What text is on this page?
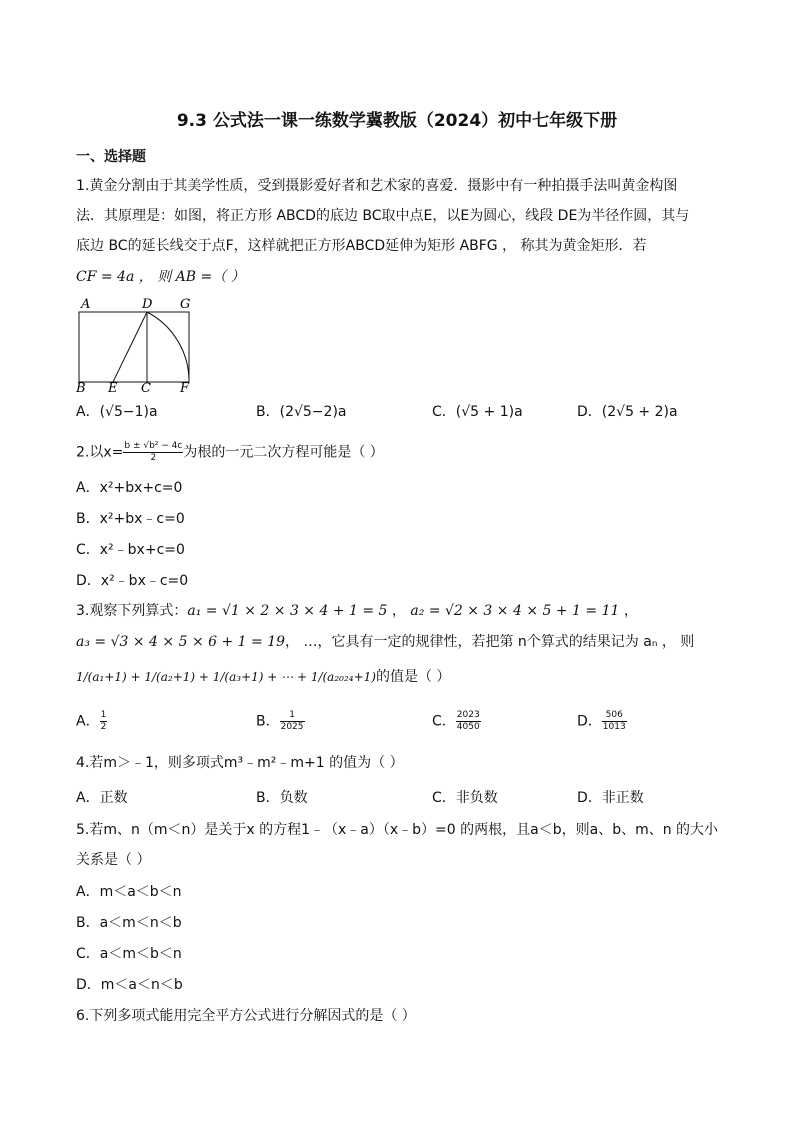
9.3 公式法一课一练数学冀教版（2024）初中七年级下册
一、选择题
1.黄金分割由于其美学性质，受到摄影爱好者和艺术家的喜爱．摄影中有一种拍摄手法叫黄金构图
法．其原理是：如图，将正方形 ABCD的底边 BC取中点E，以E为圆心，线段 DE为半径作圆，其与
底边 BC的延长线交于点F，这样就把正方形ABCD延伸为矩形 ABFG ， 称其为黄金矩形．若
CF = 4a ， 则 AB =（ ）
A	D G
B E C F
A．(√5−1)a	B．(2√5−2)a	C．(√5 + 1)a	D．(2√5 + 2)a
2.以$x= \frac{\text{b ± √b² − 4c}}{2}$ 为根的一元二次方程可能是（ ）
A．x²+bx+c=0
B．x²+bx﹣c=0
C．x²﹣bx+c=0
D．x²﹣bx﹣c=0
3.观察下列算式：a₁ = √1 × 2 × 3 × 4 + 1 = 5 ， a₂ = √2 × 3 × 4 × 5 + 1 = 11 ，
a₃ = √3 × 4 × 5 × 6 + 1 = 19， …，它具有一定的规律性，若把第 n个算式的结果记为 aₙ ， 则
1/(a₁+1) + 1/(a₂+1) + 1/(a₃+1) + ⋯ + 1/(a₂₀₂₄+1)的值是（ ）
A． $\frac{1}{2}$	B． $\frac{1}{2025}$	C． $\frac{2023}{4050}$	D． $\frac{506}{1013}$
4.若m＞﹣1，则多项式m³﹣m²﹣m+1 的值为（ ）
A．正数	B．负数	C．非负数	D．非正数
5.若m、n（m＜n）是关于x 的方程1﹣（x﹣a）（x﹣b）=0 的两根，且a＜b，则a、b、m、n 的大小
关系是（ ）
A．m＜a＜b＜n
B．a＜m＜n＜b
C．a＜m＜b＜n
D．m＜a＜n＜b
6.下列多项式能用完全平方公式进行分解因式的是（ ）
